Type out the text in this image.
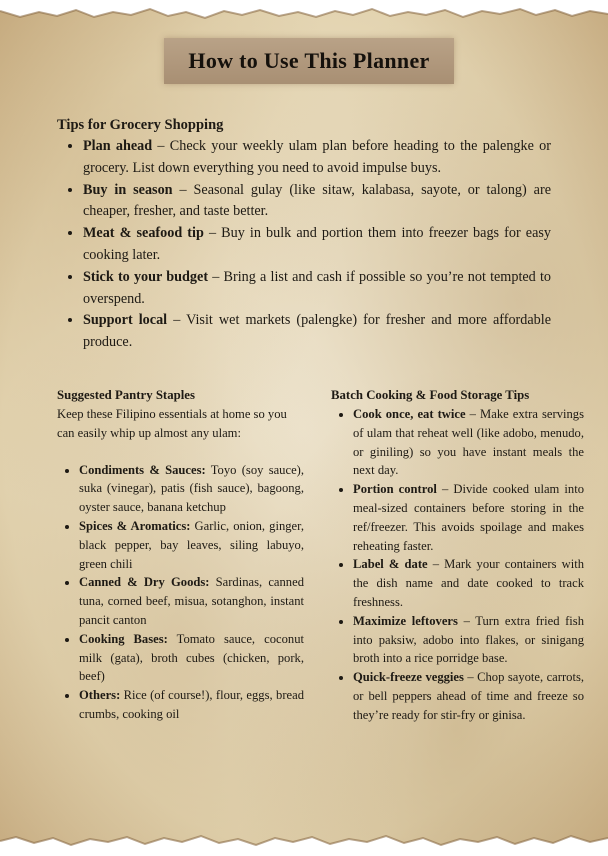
How to Use This Planner
Tips for Grocery Shopping
• Plan ahead – Check your weekly ulam plan before heading to the palengke or grocery. List down everything you need to avoid impulse buys.
• Buy in season – Seasonal gulay (like sitaw, kalabasa, sayote, or talong) are cheaper, fresher, and taste better.
• Meat & seafood tip – Buy in bulk and portion them into freezer bags for easy cooking later.
• Stick to your budget – Bring a list and cash if possible so you’re not tempted to overspend.
• Support local – Visit wet markets (palengke) for fresher and more affordable produce.
Suggested Pantry Staples

Keep these Filipino essentials at home so you can easily whip up almost any ulam:

• Condiments & Sauces: Toyo (soy sauce), suka (vinegar), patis (fish sauce), bagoong, oyster sauce, banana ketchup
• Spices & Aromatics: Garlic, onion, ginger, black pepper, bay leaves, siling labuyo, green chili
• Canned & Dry Goods: Sardinas, canned tuna, corned beef, misua, sotanghon, instant pancit canton
• Cooking Bases: Tomato sauce, coconut milk (gata), broth cubes (chicken, pork, beef)
• Others: Rice (of course!), flour, eggs, bread crumbs, cooking oil
Batch Cooking & Food Storage Tips
• Cook once, eat twice – Make extra servings of ulam that reheat well (like adobo, menudo, or giniling) so you have instant meals the next day.
• Portion control – Divide cooked ulam into meal-sized containers before storing in the ref/freezer. This avoids spoilage and makes reheating faster.
• Label & date – Mark your containers with the dish name and date cooked to track freshness.
• Maximize leftovers – Turn extra fried fish into paksiw, adobo into flakes, or sinigang broth into a rice porridge base.
• Quick-freeze veggies – Chop sayote, carrots, or bell peppers ahead of time and freeze so they’re ready for stir-fry or ginisa.
